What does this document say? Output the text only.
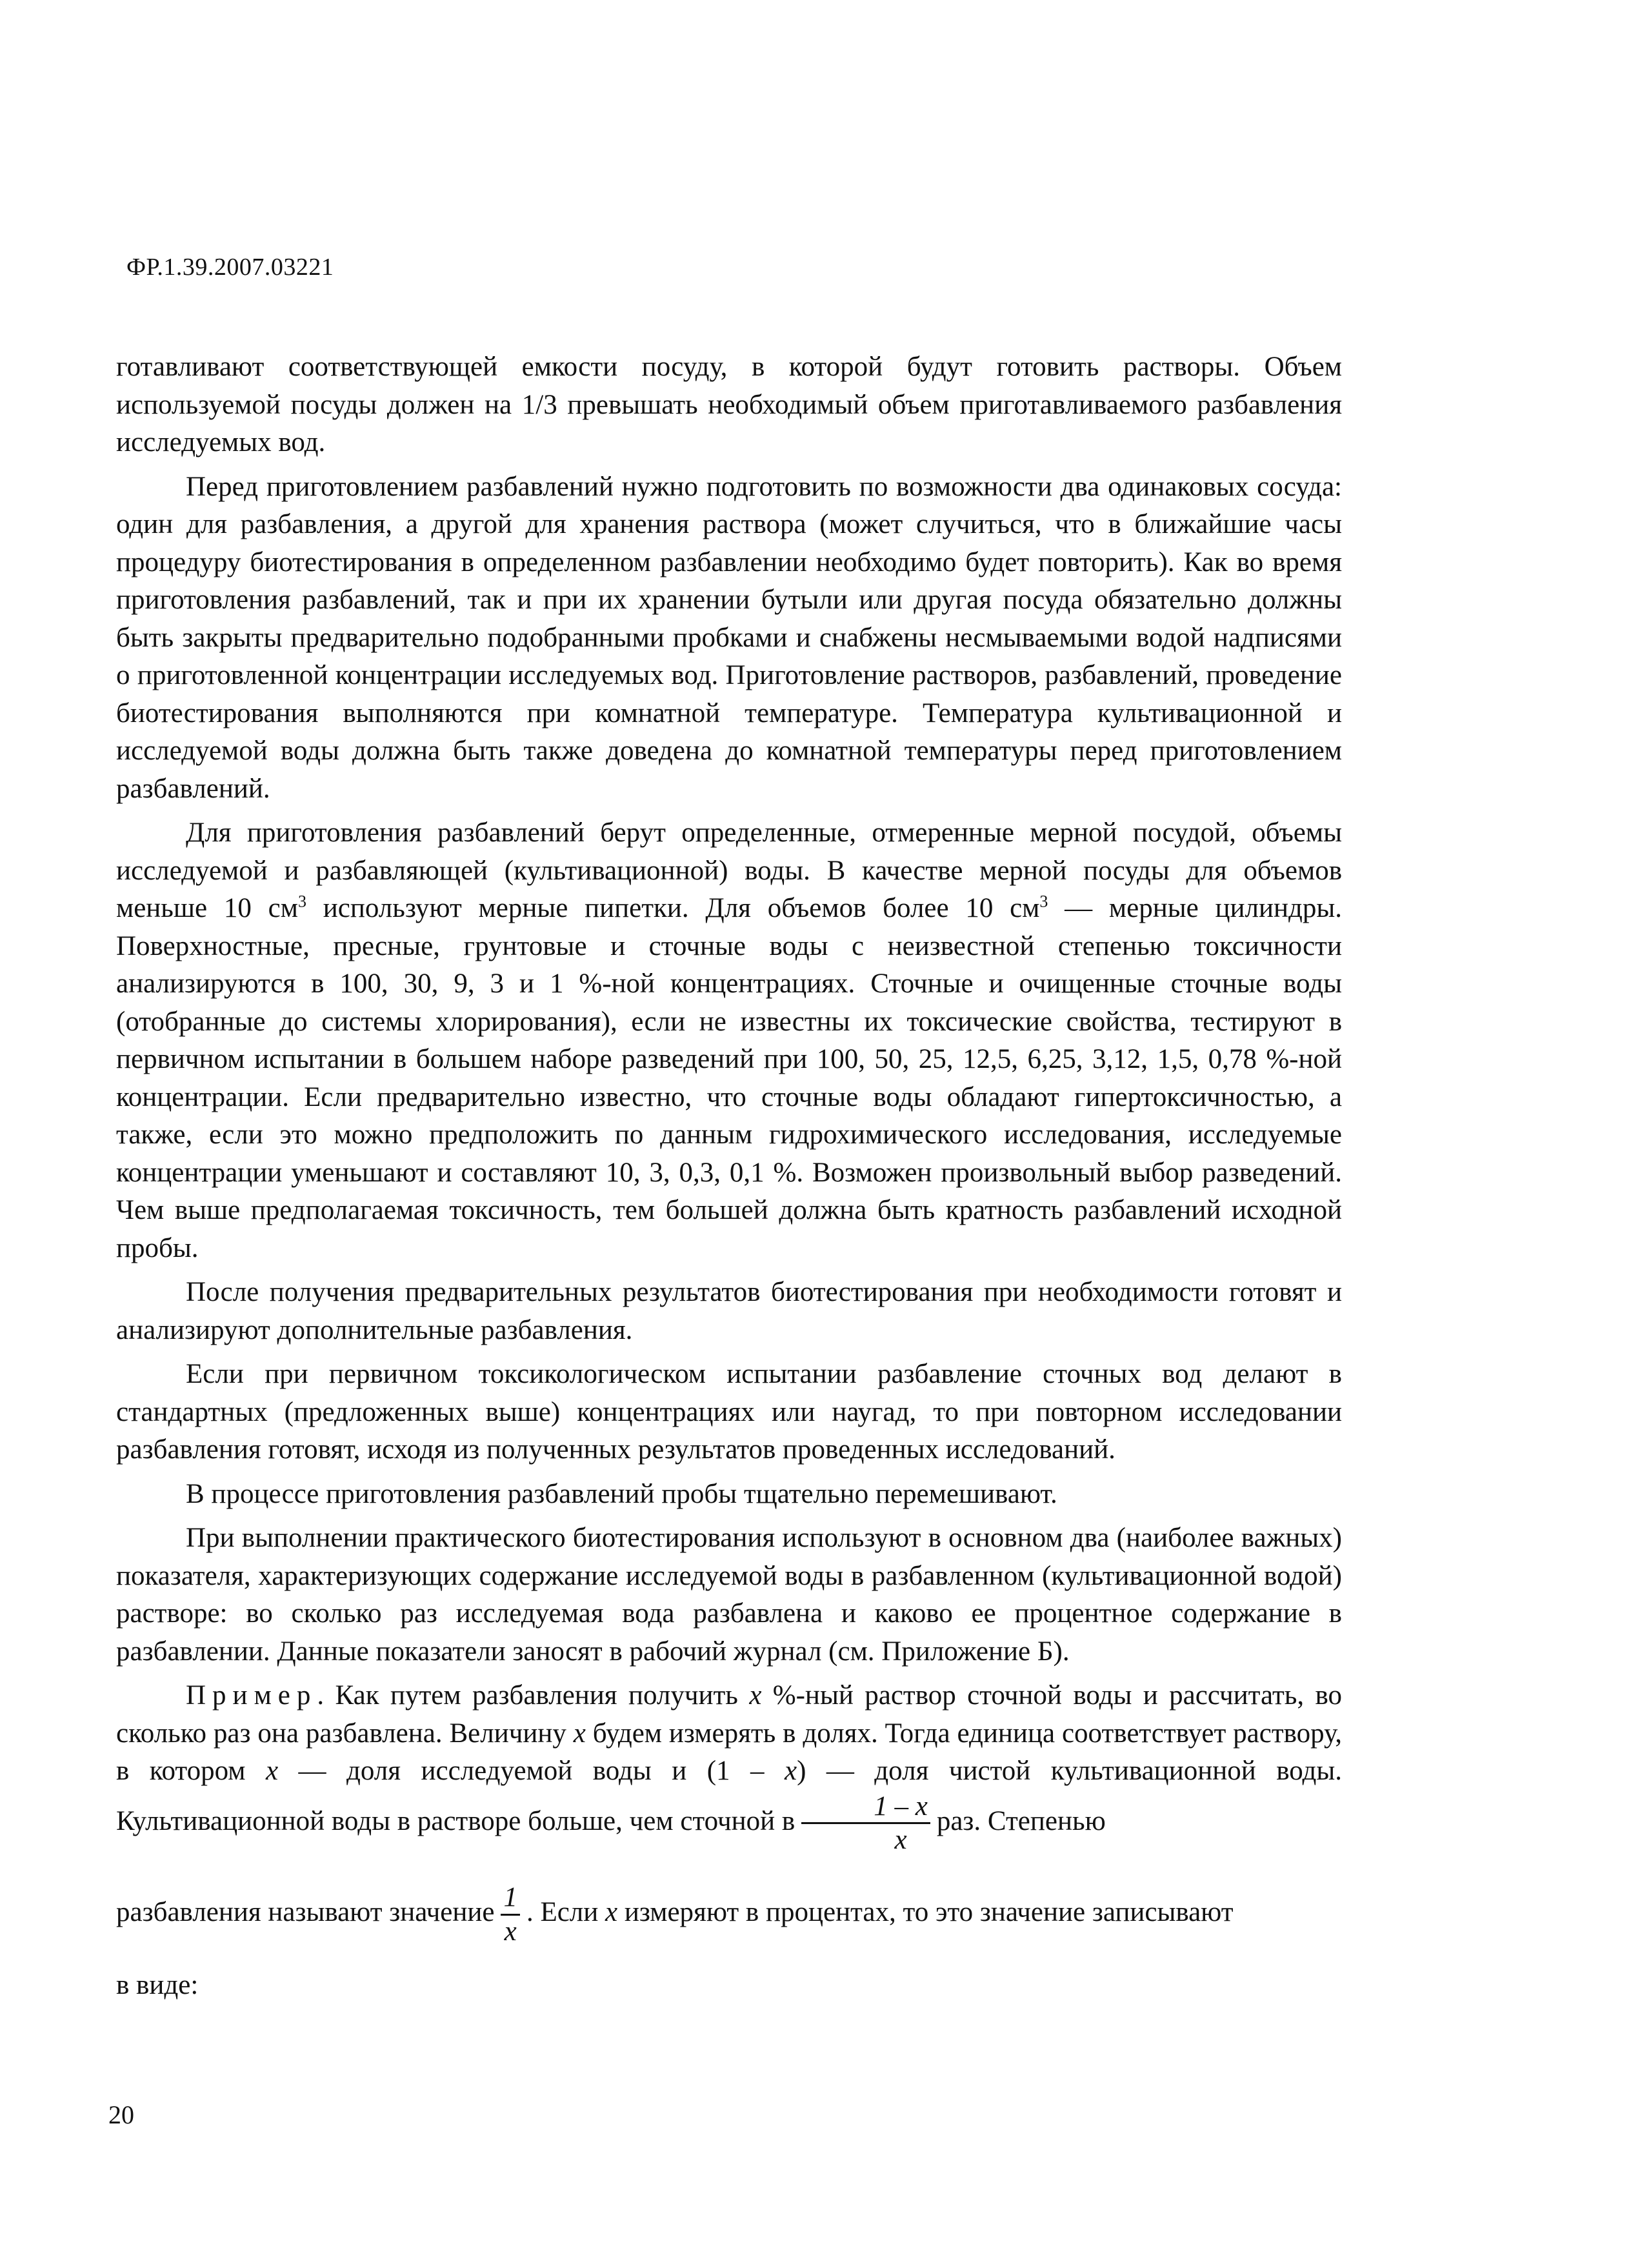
ФР.1.39.2007.03221

готавливают соответствующей емкости посуду, в которой будут готовить растворы. Объем используемой посуды должен на 1/3 превышать необходимый объем приготавливаемого разбавления исследуемых вод.

Перед приготовлением разбавлений нужно подготовить по возможности два одинаковых сосуда: один для разбавления, а другой для хранения раствора (может случиться, что в ближайшие часы процедуру биотестирования в определенном разбавлении необходимо будет повторить). Как во время приготовления разбавлений, так и при их хранении бутыли или другая посуда обязательно должны быть закрыты предварительно подобранными пробками и снабжены несмываемыми водой надписями о приготовленной концентрации исследуемых вод. Приготовление растворов, разбавлений, проведение биотестирования выполняются при комнатной температуре. Температура культивационной и исследуемой воды должна быть также доведена до комнатной температуры перед приготовлением разбавлений.

Для приготовления разбавлений берут определенные, отмеренные мерной посудой, объемы исследуемой и разбавляющей (культивационной) воды. В качестве мерной посуды для объемов меньше 10 $см^3$ используют мерные пипетки. Для объемов более 10 $см^3$ — мерные цилиндры. Поверхностные, пресные, грунтовые и сточные воды с неизвестной степенью токсичности анализируются в 100, 30, 9, 3 и 1 %-ной концентрациях. Сточные и очищенные сточные воды (отобранные до системы хлорирования), если не известны их токсические свойства, тестируют в первичном испытании в большем наборе разведений при 100, 50, 25, 12,5, 6,25, 3,12, 1,5, 0,78 %-ной концентрации. Если предварительно известно, что сточные воды обладают гипертоксичностью, а также, если это можно предположить по данным гидрохимического исследования, исследуемые концентрации уменьшают и составляют 10, 3, 0,3, 0,1 %. Возможен произвольный выбор разведений. Чем выше предполагаемая токсичность, тем большей должна быть кратность разбавлений исходной пробы.

После получения предварительных результатов биотестирования при необходимости готовят и анализируют дополнительные разбавления.

Если при первичном токсикологическом испытании разбавление сточных вод делают в стандартных (предложенных выше) концентрациях или наугад, то при повторном исследовании разбавления готовят, исходя из полученных результатов проведенных исследований.

В процессе приготовления разбавлений пробы тщательно перемешивают.

При выполнении практического биотестирования используют в основном два (наиболее важных) показателя, характеризующих содержание исследуемой воды в разбавленном (культивационной водой) растворе: во сколько раз исследуемая вода разбавлена и каково ее процентное содержание в разбавлении. Данные показатели заносят в рабочий журнал (см. Приложение Б).

Пример. Как путем разбавления получить x %-ный раствор сточной воды и рассчитать, во сколько раз она разбавлена. Величину x будем измерять в долях. Тогда единица соответствует раствору, в котором x — доля исследуемой воды и (1 – x) — доля чистой культивационной воды. Культивационной воды в растворе больше, чем сточной в $\frac{1 - x}{x}$ раз. Степенью

разбавления называют значение $\frac{1}{x}$ . Если x измеряют в процентах, то это значение записывают

в виде:

20
